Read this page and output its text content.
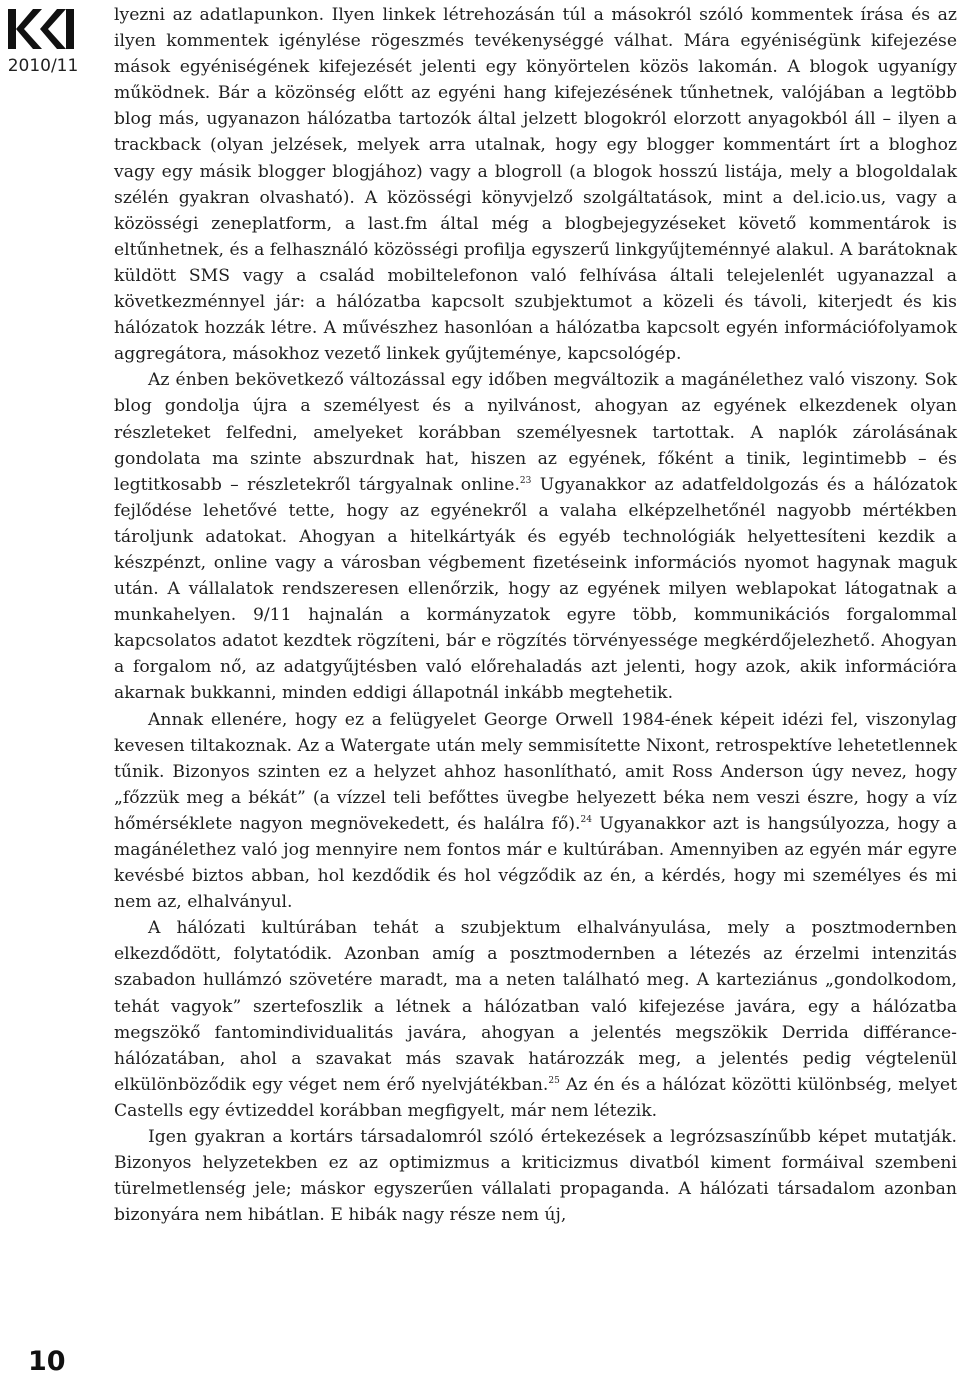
2010/11
10

lyezni az adatlapunkon. Ilyen linkek létrehozásán túl a másokról szóló kommentek írása és az ilyen kommentek igénylése rögeszmés tevékenységgé válhat. Mára egyéniségünk kifejezése mások egyéniségének kifejezését jelenti egy könyörtelen közös lakomán. A blogok ugyanígy működnek. Bár a közönség előtt az egyéni hang kifejezésének tűnhetnek, valójában a legtöbb blog más, ugyanazon hálózatba tartozók által jelzett blogokról elorzott anyagokból áll – ilyen a trackback (olyan jelzések, melyek arra utalnak, hogy egy blogger kommentárt írt a bloghoz vagy egy másik blogger blogjához) vagy a blogroll (a blogok hosszú listája, mely a blogoldalak szélén gyakran olvasható). A közösségi könyvjelző szolgáltatások, mint a del.icio.us, vagy a közösségi zeneplatform, a last.fm által még a blogbejegyzéseket követő kommentárok is eltűnhetnek, és a felhasználó közösségi profilja egyszerű linkgyűjteménnyé alakul. A barátoknak küldött SMS vagy a család mobiltelefonon való felhívása általi telejelenlét ugyanazzal a következménnyel jár: a hálózatba kapcsolt szubjektumot a közeli és távoli, kiterjedt és kis hálózatok hozzák létre. A művészhez hasonlóan a hálózatba kapcsolt egyén információfolyamok aggregátora, másokhoz vezető linkek gyűjteménye, kapcsológép.

Az énben bekövetkező változással egy időben megváltozik a magánélethez való viszony. Sok blog gondolja újra a személyest és a nyilvánost, ahogyan az egyének elkezdenek olyan részleteket felfedni, amelyeket korábban személyesnek tartottak. A naplók zárolásának gondolata ma szinte abszurdnak hat, hiszen az egyének, főként a tinik, legintimebb – és legtitkosabb – részletekről tárgyalnak online.$^{23}$ Ugyanakkor az adatfeldolgozás és a hálózatok fejlődése lehetővé tette, hogy az egyénekről a valaha elképzelhetőnél nagyobb mértékben tároljunk adatokat. Ahogyan a hitelkártyák és egyéb technológiák helyettesíteni kezdik a készpénzt, online vagy a városban végbement fizetéseink információs nyomot hagynak maguk után. A vállalatok rendszeresen ellenőrzik, hogy az egyének milyen weblapokat látogatnak a munkahelyen. 9/11 hajnalán a kormányzatok egyre több, kommunikációs forgalommal kapcsolatos adatot kezdtek rögzíteni, bár e rögzítés törvényessége megkérdőjelezhető. Ahogyan a forgalom nő, az adatgyűjtésben való előrehaladás azt jelenti, hogy azok, akik információra akarnak bukkanni, minden eddigi állapotnál inkább megtehetik.

Annak ellenére, hogy ez a felügyelet George Orwell 1984-ének képeit idézi fel, viszonylag kevesen tiltakoznak. Az a Watergate után mely semmisítette Nixont, retrospektíve lehetetlennek tűnik. Bizonyos szinten ez a helyzet ahhoz hasonlítható, amit Ross Anderson úgy nevez, hogy „főzzük meg a békát” (a vízzel teli befőttes üvegbe helyezett béka nem veszi észre, hogy a víz hőmérséklete nagyon megnövekedett, és halálra fő).$^{24}$ Ugyanakkor azt is hangsúlyozza, hogy a magánélethez való jog mennyire nem fontos már e kultúrában. Amennyiben az egyén már egyre kevésbé biztos abban, hol kezdődik és hol végződik az én, a kérdés, hogy mi személyes és mi nem az, elhalványul.

A hálózati kultúrában tehát a szubjektum elhalványulása, mely a posztmodernben elkezdődött, folytatódik. Azonban amíg a posztmodernben a létezés az érzelmi intenzitás szabadon hullámzó szövetére maradt, ma a neten található meg. A karteziánus „gondolkodom, tehát vagyok” szertefoszlik a létnek a hálózatban való kifejezése javára, egy a hálózatba megszökő fantomindividualitás javára, ahogyan a jelentés megszökik Derrida différance-hálózatában, ahol a szavakat más szavak határozzák meg, a jelentés pedig végtelenül elkülönböződik egy véget nem érő nyelvjátékban.$^{25}$ Az én és a hálózat közötti különbség, melyet Castells egy évtizeddel korábban megfigyelt, már nem létezik.

Igen gyakran a kortárs társadalomról szóló értekezések a legrózsaszínűbb képet mutatják. Bizonyos helyzetekben ez az optimizmus a kriticizmus divatból kiment formáival szembeni türelmetlenség jele; máskor egyszerűen vállalati propaganda. A hálózati társadalom azonban bizonyára nem hibátlan. E hibák nagy része nem új,
